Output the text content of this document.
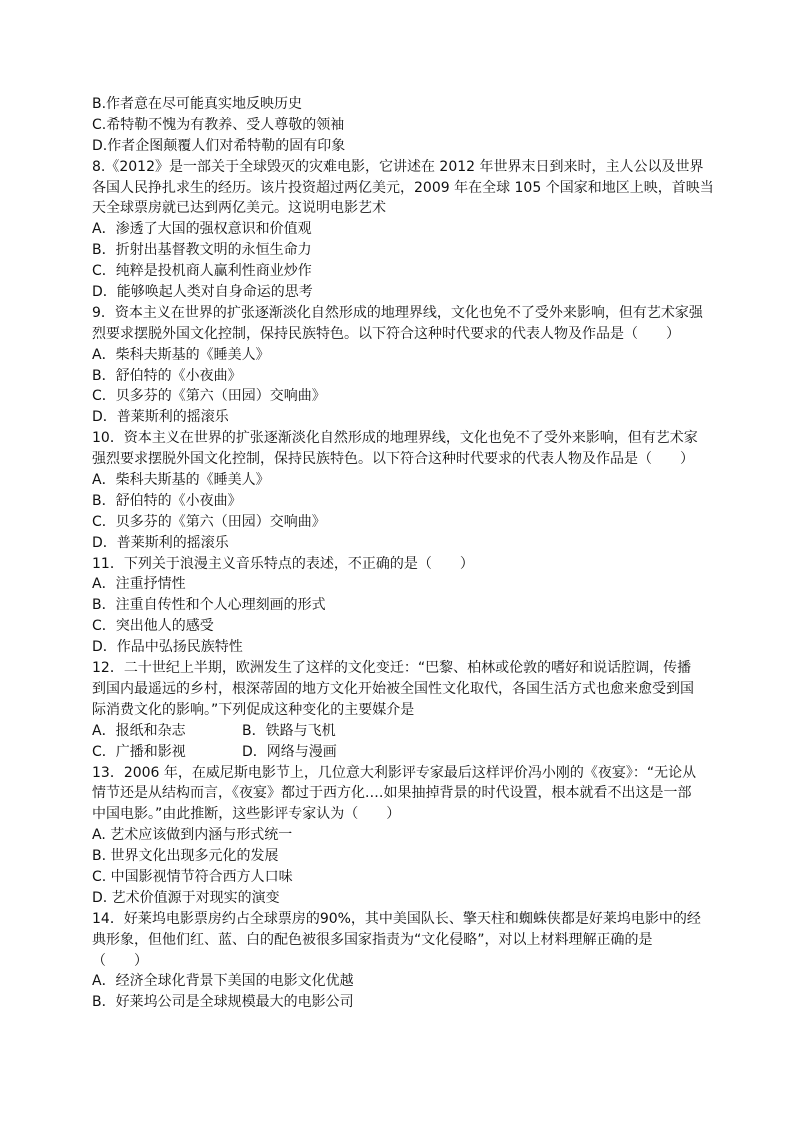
B.作者意在尽可能真实地反映历史
C.希特勒不愧为有教养、受人尊敬的领袖
D.作者企图颠覆人们对希特勒的固有印象
8.《2012》是一部关于全球毁灭的灾难电影，它讲述在 2012 年世界末日到来时，主人公以及世界
各国人民挣扎求生的经历。该片投资超过两亿美元，2009 年在全球 105 个国家和地区上映，首映当
天全球票房就已达到两亿美元。这说明电影艺术
A．渗透了大国的强权意识和价值观
B．折射出基督教文明的永恒生命力
C．纯粹是投机商人赢利性商业炒作
D．能够唤起人类对自身命运的思考
9．资本主义在世界的扩张逐渐淡化自然形成的地理界线，文化也免不了受外来影响，但有艺术家强
烈要求摆脱外国文化控制，保持民族特色。以下符合这种时代要求的代表人物及作品是（　　）
A．柴科夫斯基的《睡美人》
B．舒伯特的《小夜曲》
C．贝多芬的《第六（田园）交响曲》
D．普莱斯利的摇滚乐
10．资本主义在世界的扩张逐渐淡化自然形成的地理界线，文化也免不了受外来影响，但有艺术家
强烈要求摆脱外国文化控制，保持民族特色。以下符合这种时代要求的代表人物及作品是（　　）
A．柴科夫斯基的《睡美人》
B．舒伯特的《小夜曲》
C．贝多芬的《第六（田园）交响曲》
D．普莱斯利的摇滚乐
11．下列关于浪漫主义音乐特点的表述，不正确的是（　　）
A．注重抒情性
B．注重自传性和个人心理刻画的形式
C．突出他人的感受
D．作品中弘扬民族特性
12．二十世纪上半期，欧洲发生了这样的文化变迁：“巴黎、柏林或伦敦的嗜好和说话腔调，传播
到国内最遥远的乡村，根深蒂固的地方文化开始被全国性文化取代，各国生活方式也愈来愈受到国
际消费文化的影响。”下列促成这种变化的主要媒介是
A．报纸和杂志	B．铁路与飞机
C．广播和影视	D．网络与漫画
13．2006 年，在威尼斯电影节上，几位意大利影评专家最后这样评价冯小刚的《夜宴》：“无论从
情节还是从结构而言，《夜宴》都过于西方化.…如果抽掉背景的时代设置，根本就看不出这是一部
中国电影。”由此推断，这些影评专家认为（　　）
A. 艺术应该做到内涵与形式统一
B. 世界文化出现多元化的发展
C. 中国影视情节符合西方人口味
D. 艺术价值源于对现实的演变
14．好莱坞电影票房约占全球票房的90%，其中美国队长、擎天柱和蜘蛛侠都是好莱坞电影中的经
典形象，但他们红、蓝、白的配色被很多国家指责为“文化侵略”，对以上材料理解正确的是
（　　）
A．经济全球化背景下美国的电影文化优越
B．好莱坞公司是全球规模最大的电影公司
